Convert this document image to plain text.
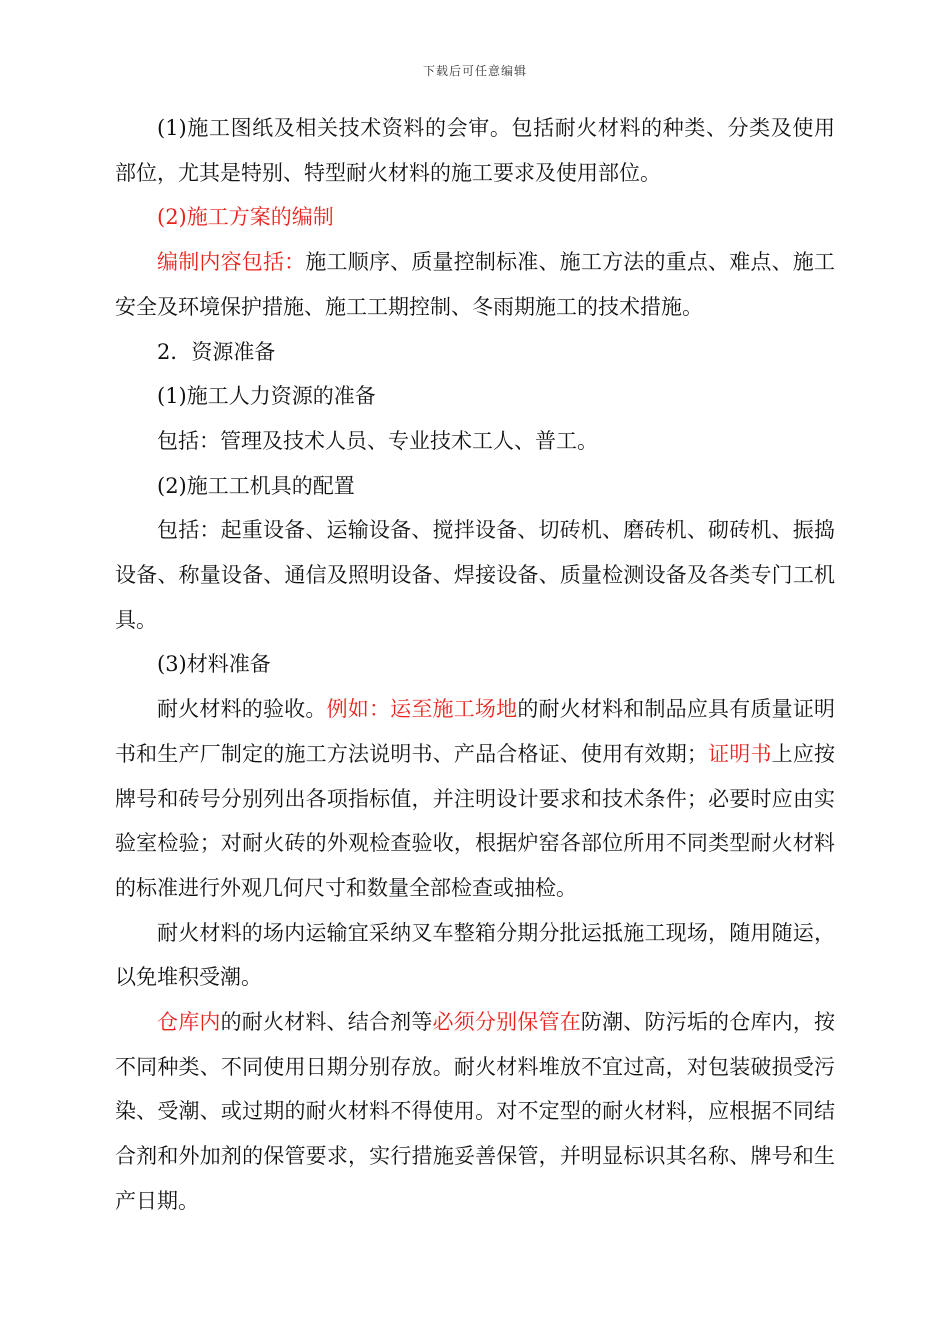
下载后可任意编辑

(1)施工图纸及相关技术资料的会审。包括耐火材料的种类、分类及使用部位，尤其是特别、特型耐火材料的施工要求及使用部位。

(2)施工方案的编制

编制内容包括：施工顺序、质量控制标准、施工方法的重点、难点、施工安全及环境保护措施、施工工期控制、冬雨期施工的技术措施。

2．资源准备

(1)施工人力资源的准备

包括：管理及技术人员、专业技术工人、普工。

(2)施工工机具的配置

包括：起重设备、运输设备、搅拌设备、切砖机、磨砖机、砌砖机、振捣设备、称量设备、通信及照明设备、焊接设备、质量检测设备及各类专门工机具。

(3)材料准备

耐火材料的验收。例如：运至施工场地的耐火材料和制品应具有质量证明书和生产厂制定的施工方法说明书、产品合格证、使用有效期；证明书上应按牌号和砖号分别列出各项指标值，并注明设计要求和技术条件；必要时应由实验室检验；对耐火砖的外观检查验收，根据炉窑各部位所用不同类型耐火材料的标准进行外观几何尺寸和数量全部检查或抽检。

耐火材料的场内运输宜采纳叉车整箱分期分批运抵施工现场，随用随运，以免堆积受潮。

仓库内的耐火材料、结合剂等必须分别保管在防潮、防污垢的仓库内，按不同种类、不同使用日期分别存放。耐火材料堆放不宜过高，对包装破损受污染、受潮、或过期的耐火材料不得使用。对不定型的耐火材料，应根据不同结合剂和外加剂的保管要求，实行措施妥善保管，并明显标识其名称、牌号和生产日期。
